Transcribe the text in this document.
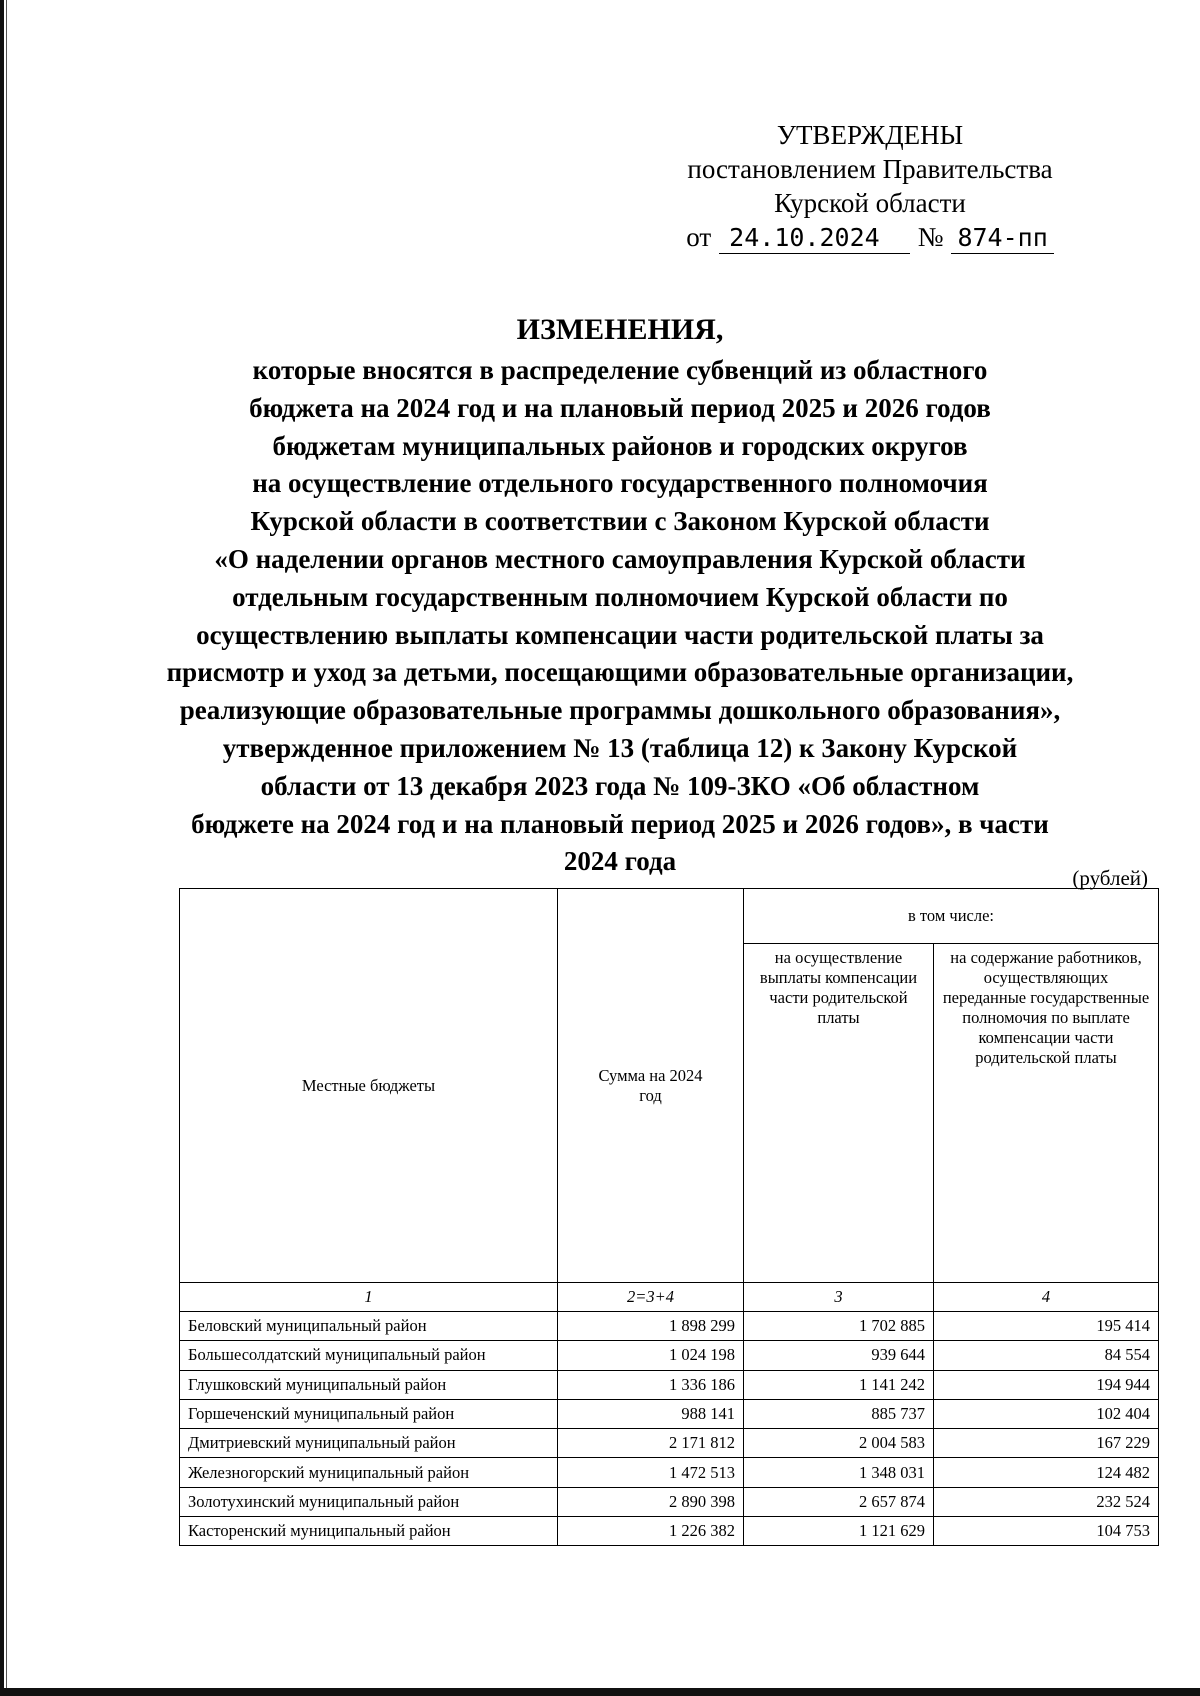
УТВЕРЖДЕНЫ
постановлением Правительства
Курской области
от 24.10.2024	№ 874-пп
ИЗМЕНЕНИЯ,
которые вносятся в распределение субвенций из областного
бюджета на 2024 год и на плановый период 2025 и 2026 годов
бюджетам муниципальных районов и городских округов
на осуществление отдельного государственного полномочия
Курской области в соответствии с Законом Курской области
«О наделении органов местного самоуправления Курской области
отдельным государственным полномочием Курской области по
осуществлению выплаты компенсации части родительской платы за
присмотр и уход за детьми, посещающими образовательные организации,
реализующие образовательные программы дошкольного образования»,
утвержденное приложением № 13 (таблица 12) к Закону Курской
области от 13 декабря 2023 года № 109-ЗКО «Об областном
бюджете на 2024 год и на плановый период 2025 и 2026 годов», в части
2024 года
(рублей)
Местные бюджеты	Сумма на 2024 год	в том числе:	
		на осуществление выплаты компенсации части родительской платы	на содержание работников, осуществляющих переданные государственные полномочия по выплате компенсации части родительской платы
1	2=3+4	3	4
Беловский муниципальный район	1 898 299	1 702 885	195 414
Большесолдатский муниципальный район	1 024 198	939 644	84 554
Глушковский муниципальный район	1 336 186	1 141 242	194 944
Горшеченский муниципальный район	988 141	885 737	102 404
Дмитриевский муниципальный район	2 171 812	2 004 583	167 229
Железногорский муниципальный район	1 472 513	1 348 031	124 482
Золотухинский муниципальный район	2 890 398	2 657 874	232 524
Касторенский муниципальный район	1 226 382	1 121 629	104 753
